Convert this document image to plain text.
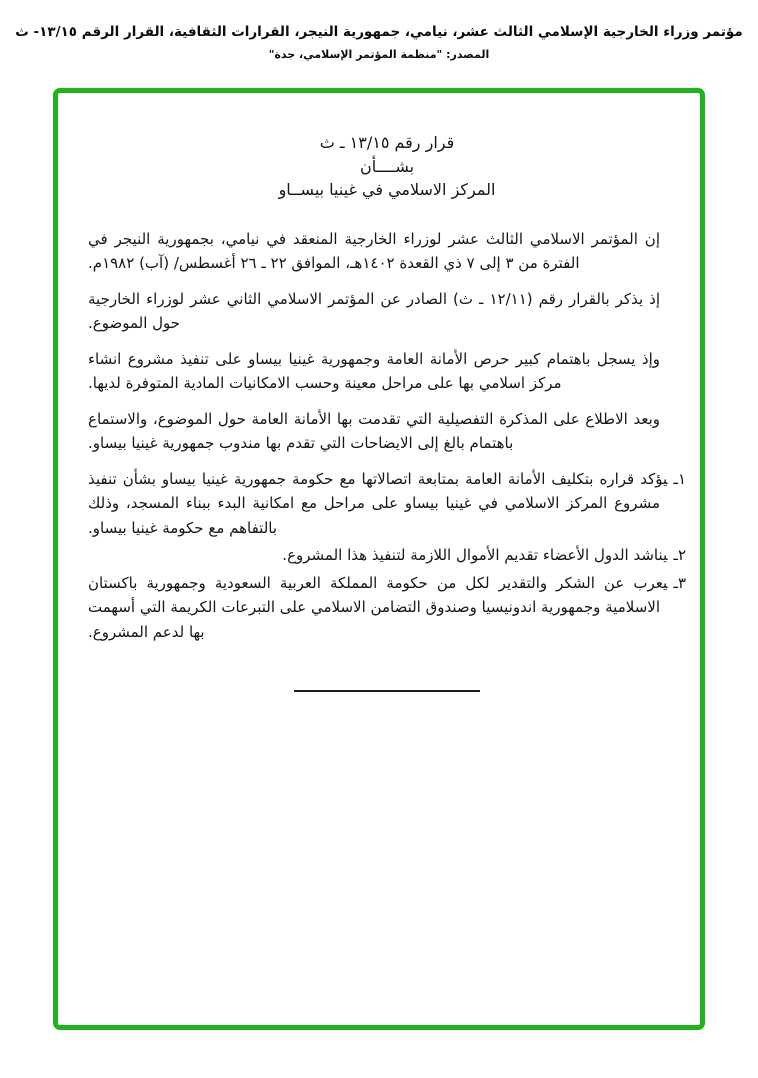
مؤتمر وزراء الخارجية الإسلامي الثالث عشر، نيامي، جمهورية النيجر، القرارات الثقافية، القرار الرقم ١٣/١٥- ث
المصدر: "منظمة المؤتمر الإسلامي، جدة"
قرار رقم ١٣/١٥ ـ ث
بشــــأن
المركز الاسلامي في غينيا بيســاو

إن المؤتمر الاسلامي الثالث عشر لوزراء الخارجية المنعقد في نيامي، بجمهورية النيجر في الفترة من ٣ إلى ٧ ذي القعدة ١٤٠٢هـ، الموافق ٢٢ ـ ٢٦ أغسطس/ (آب) ١٩٨٢م.

إذ يذكر بالقرار رقم (١٢/١١ ـ ث) الصادر عن المؤتمر الاسلامي الثاني عشر لوزراء الخارجية حول الموضوع.

وإذ يسجل باهتمام كبير حرص الأمانة العامة وجمهورية غينيا بيساو على تنفيذ مشروع انشاء مركز اسلامي بها على مراحل معينة وحسب الامكانيات المادية المتوفرة لديها.

وبعد الاطلاع على المذكرة التفصيلية التي تقدمت بها الأمانة العامة حول الموضوع، والاستماع باهتمام بالغ إلى الايضاحات التي تقدم بها مندوب جمهورية غينيا بيساو.

١ـيؤكد قراره بتكليف الأمانة العامة بمتابعة اتصالاتها مع حكومة جمهورية غينيا بيساو بشأن تنفيذ مشروع المركز الاسلامي في غينيا بيساو على مراحل مع امكانية البدء ببناء المسجد، وذلك بالتفاهم مع حكومة غينيا بيساو.
٢ـيناشد الدول الأعضاء تقديم الأموال اللازمة لتنفيذ هذا المشروع.
٣ـيعرب عن الشكر والتقدير لكل من حكومة المملكة العربية السعودية وجمهورية باكستان الاسلامية وجمهورية اندونيسيا وصندوق التضامن الاسلامي على التبرعات الكريمة التي أسهمت بها لدعم المشروع.
